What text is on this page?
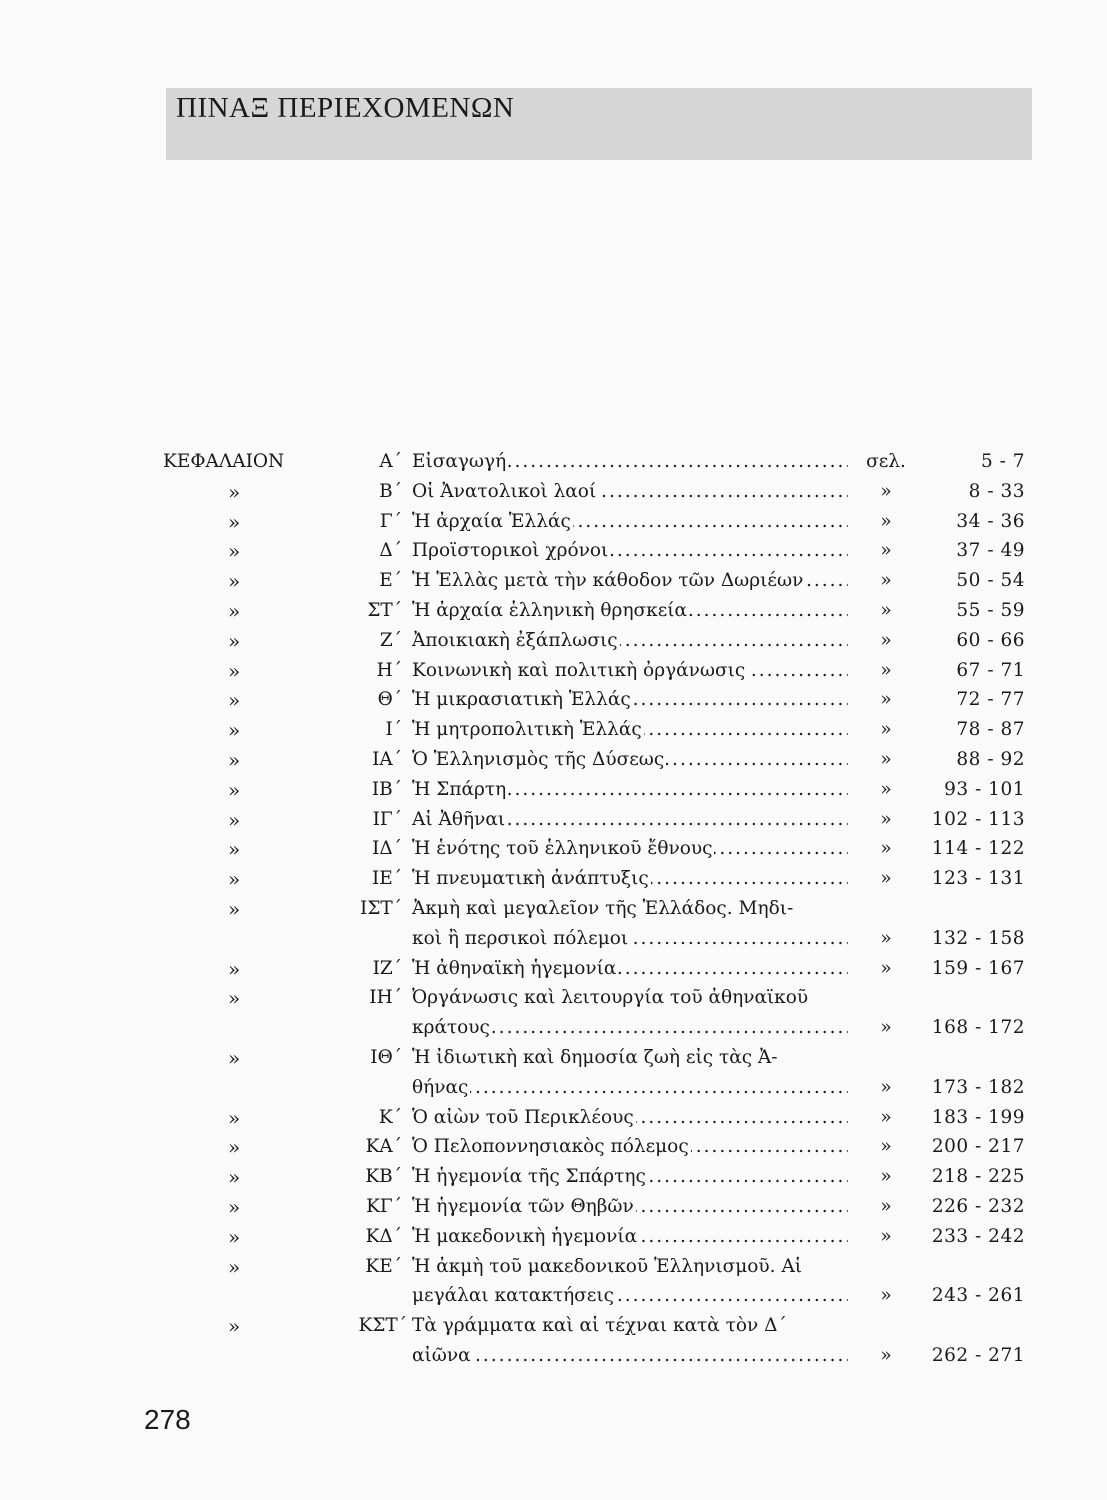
ΠΙΝΑΞ ΠΕΡΙΕΧΟΜΕΝΩΝ
ΚΕΦΑΛΑΙΟΝ	Α΄ Εἰσαγωγή .....	σελ.	5 - 7
»	Β΄ Οἱ Ἀνατολικοὶ λαοί .....	»	8 - 33
»	Γ΄ Ἡ ἀρχαία Ἑλλάς .....	»	34 - 36
»	Δ΄ Προϊστορικοὶ χρόνοι .....	»	37 - 49
»	Ε΄ Ἡ Ἑλλὰς μετὰ τὴν κάθοδον τῶν Δωριέων .....	»	50 - 54
»	ΣΤ΄ Ἡ ἀρχαία ἑλληνικὴ θρησκεία .....	»	55 - 59
»	Ζ΄ Ἀποικιακὴ ἐξάπλωσις .....	»	60 - 66
»	Η΄ Κοινωνικὴ καὶ πολιτικὴ ὀργάνωσις .....	»	67 - 71
»	Θ΄ Ἡ μικρασιατικὴ Ἑλλάς .....	»	72 - 77
»	Ι΄ Ἡ μητροπολιτικὴ Ἑλλάς .....	»	78 - 87
»	ΙΑ΄ Ὁ Ἑλληνισμὸς τῆς Δύσεως .....	»	88 - 92
»	ΙΒ΄ Ἡ Σπάρτη .....	»	93 - 101
»	ΙΓ΄ Αἱ Ἀθῆναι .....	»	102 - 113
»	ΙΔ΄ Ἡ ἑνότης τοῦ ἑλληνικοῦ ἔθνους .....	»	114 - 122
»	ΙΕ΄ Ἡ πνευματικὴ ἀνάπτυξις .....	»	123 - 131
»	ΙΣΤ΄ Ἀκμὴ καὶ μεγαλεῖον τῆς Ἑλλάδος. Μηδι-
κοὶ ἢ περσικοὶ πόλεμοι .....	»	132 - 158
»	ΙΖ΄ Ἡ ἀθηναϊκὴ ἡγεμονία .....	»	159 - 167
»	ΙΗ΄ Ὀργάνωσις καὶ λειτουργία τοῦ ἀθηναϊκοῦ
κράτους .....	»	168 - 172
»	ΙΘ΄ Ἡ ἰδιωτικὴ καὶ δημοσία ζωὴ εἰς τὰς Ἀ-
θήνας .....	»	173 - 182
»	Κ΄ Ὁ αἰὼν τοῦ Περικλέους .....	»	183 - 199
»	ΚΑ΄ Ὁ Πελοποννησιακὸς πόλεμος .....	»	200 - 217
»	ΚΒ΄ Ἡ ἡγεμονία τῆς Σπάρτης .....	»	218 - 225
»	ΚΓ΄ Ἡ ἡγεμονία τῶν Θηβῶν .....	»	226 - 232
»	ΚΔ΄ Ἡ μακεδονικὴ ἡγεμονία .....	»	233 - 242
»	ΚΕ΄ Ἡ ἀκμὴ τοῦ μακεδονικοῦ Ἑλληνισμοῦ. Αἱ
μεγάλαι κατακτήσεις .....	»	243 - 261
»	ΚΣΤ΄ Τὰ γράμματα καὶ αἱ τέχναι κατὰ τὸν Δ΄
αἰῶνα .....	»	262 - 271
278
